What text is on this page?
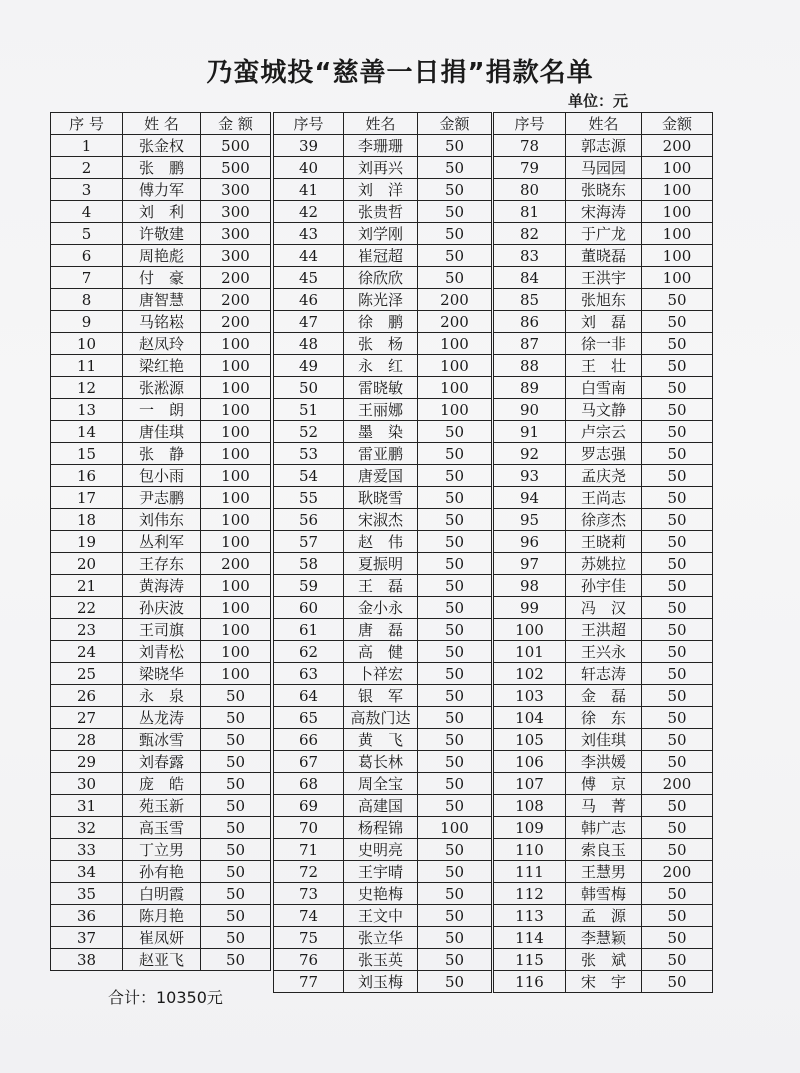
乃蛮城投“慈善一日捐”捐款名单
单位：元
序 号	姓 名	金 额
1	张金权	500
2	张　鹏	500
3	傅力军	300
4	刘　利	300
5	许敬建	300
6	周艳彪	300
7	付　豪	200
8	唐智慧	200
9	马铭崧	200
10	赵凤玲	100
11	梁红艳	100
12	张淞源	100
13	一　朗	100
14	唐佳琪	100
15	张　静	100
16	包小雨	100
17	尹志鹏	100
18	刘伟东	100
19	丛利军	100
20	王存东	200
21	黄海涛	100
22	孙庆波	100
23	王司旗	100
24	刘青松	100
25	梁晓华	100
26	永　泉	50
27	丛龙涛	50
28	甄冰雪	50
29	刘春露	50
30	庞　皓	50
31	苑玉新	50
32	高玉雪	50
33	丁立男	50
34	孙有艳	50
35	白明霞	50
36	陈月艳	50
37	崔凤妍	50
38	赵亚飞	50
序号	姓名	金额
39	李珊珊	50
40	刘再兴	50
41	刘　洋	50
42	张贵哲	50
43	刘学刚	50
44	崔冠超	50
45	徐欣欣	50
46	陈光泽	200
47	徐　鹏	200
48	张　杨	100
49	永　红	100
50	雷晓敏	100
51	王丽娜	100
52	墨　染	50
53	雷亚鹏	50
54	唐爱国	50
55	耿晓雪	50
56	宋淑杰	50
57	赵　伟	50
58	夏振明	50
59	王　磊	50
60	金小永	50
61	唐　磊	50
62	高　健	50
63	卜祥宏	50
64	银　军	50
65	高敖门达	50
66	黄　飞	50
67	葛长林	50
68	周全宝	50
69	高建国	50
70	杨程锦	100
71	史明亮	50
72	王宇晴	50
73	史艳梅	50
74	王文中	50
75	张立华	50
76	张玉英	50
77	刘玉梅	50
序号	姓名	金额
78	郭志源	200
79	马园园	100
80	张晓东	100
81	宋海涛	100
82	于广龙	100
83	董晓磊	100
84	王洪宇	100
85	张旭东	50
86	刘　磊	50
87	徐一非	50
88	王　壮	50
89	白雪南	50
90	马文静	50
91	卢宗云	50
92	罗志强	50
93	孟庆尧	50
94	王尚志	50
95	徐彦杰	50
96	王晓莉	50
97	苏姚拉	50
98	孙宇佳	50
99	冯　汉	50
100	王洪超	50
101	王兴永	50
102	轩志涛	50
103	金　磊	50
104	徐　东	50
105	刘佳琪	50
106	李洪媛	50
107	傅　京	200
108	马　菁	50
109	韩广志	50
110	索良玉	50
111	王慧男	200
112	韩雪梅	50
113	孟　源	50
114	李慧颖	50
115	张　斌	50
116	宋　宇	50
合计：10350元
